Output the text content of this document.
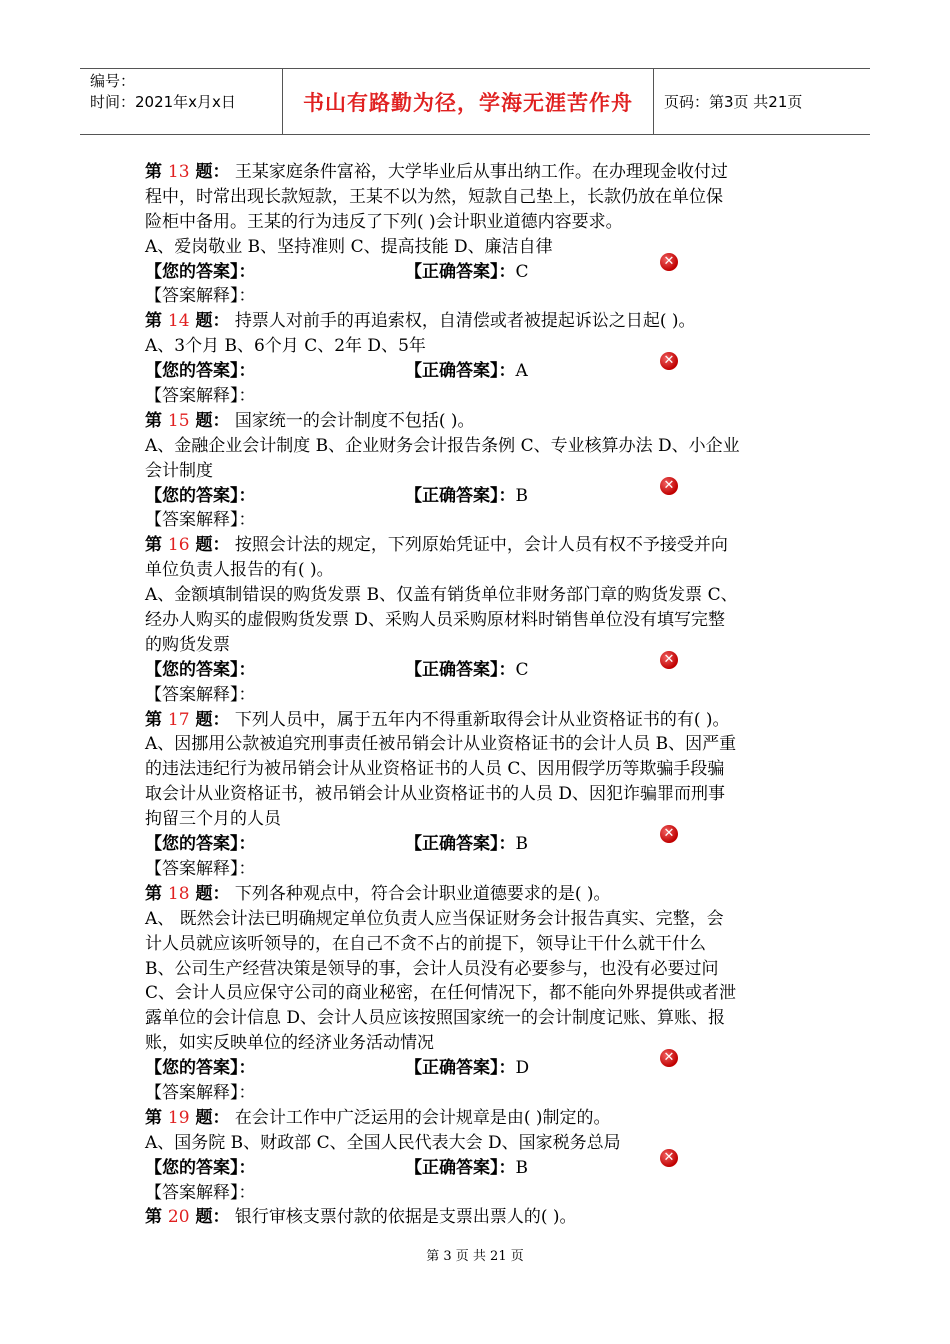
编号：
时间：2021年x月x日	书山有路勤为径，学海无涯苦作舟	页码：第3页 共21页
第 13 题： 王某家庭条件富裕，大学毕业后从事出纳工作。在办理现金收付过
程中，时常出现长款短款，王某不以为然，短款自己垫上，长款仍放在单位保
险柜中备用。王某的行为违反了下列( )会计职业道德内容要求。
A、爱岗敬业 B、坚持准则 C、提高技能 D、廉洁自律
【您的答案】：	【正确答案】：C
✕
【答案解释】：
第 14 题： 持票人对前手的再追索权，自清偿或者被提起诉讼之日起( )。
A、3个月 B、6个月 C、2年 D、5年
【您的答案】：	【正确答案】：A
✕
【答案解释】：
第 15 题： 国家统一的会计制度不包括( )。
A、金融企业会计制度 B、企业财务会计报告条例 C、专业核算办法 D、小企业
会计制度
【您的答案】：	【正确答案】：B
✕
【答案解释】：
第 16 题： 按照会计法的规定，下列原始凭证中，会计人员有权不予接受并向
单位负责人报告的有( )。
A、金额填制错误的购货发票 B、仅盖有销货单位非财务部门章的购货发票 C、
经办人购买的虚假购货发票 D、采购人员采购原材料时销售单位没有填写完整
的购货发票
【您的答案】：	【正确答案】：C
✕
【答案解释】：
第 17 题： 下列人员中，属于五年内不得重新取得会计从业资格证书的有( )。
A、因挪用公款被追究刑事责任被吊销会计从业资格证书的会计人员 B、因严重
的违法违纪行为被吊销会计从业资格证书的人员 C、因用假学历等欺骗手段骗
取会计从业资格证书，被吊销会计从业资格证书的人员 D、因犯诈骗罪而刑事
拘留三个月的人员
【您的答案】：	【正确答案】：B
✕
【答案解释】：
第 18 题： 下列各种观点中，符合会计职业道德要求的是( )。
A、 既然会计法已明确规定单位负责人应当保证财务会计报告真实、完整，会
计人员就应该听领导的，在自己不贪不占的前提下，领导让干什么就干什么
B、公司生产经营决策是领导的事，会计人员没有必要参与，也没有必要过问
C、会计人员应保守公司的商业秘密，在任何情况下，都不能向外界提供或者泄
露单位的会计信息 D、会计人员应该按照国家统一的会计制度记账、算账、报
账，如实反映单位的经济业务活动情况
【您的答案】：	【正确答案】：D
✕
【答案解释】：
第 19 题： 在会计工作中广泛运用的会计规章是由( )制定的。
A、国务院 B、财政部 C、全国人民代表大会 D、国家税务总局
【您的答案】：	【正确答案】：B
✕
【答案解释】：
第 20 题： 银行审核支票付款的依据是支票出票人的( )。
第 3 页 共 21 页
